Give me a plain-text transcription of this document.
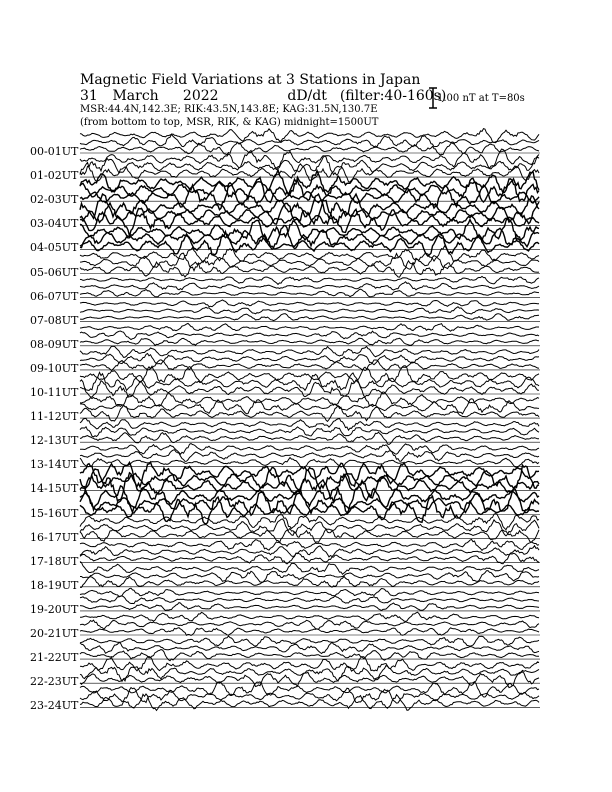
Magnetic Field Variations at 3 Stations in Japan
31 March 2022	dD/dt (filter:40-160s)
MSR:44.4N,142.3E; RIK:43.5N,143.8E; KAG:31.5N,130.7E
(from bottom to top, MSR, RIK, & KAG) midnight=1500UT
1.00 nT at T=80s
00-01UT
01-02UT
02-03UT
03-04UT
04-05UT
05-06UT
06-07UT
07-08UT
08-09UT
09-10UT
10-11UT
11-12UT
12-13UT
13-14UT
14-15UT
15-16UT
16-17UT
17-18UT
18-19UT
19-20UT
20-21UT
21-22UT
22-23UT
23-24UT
